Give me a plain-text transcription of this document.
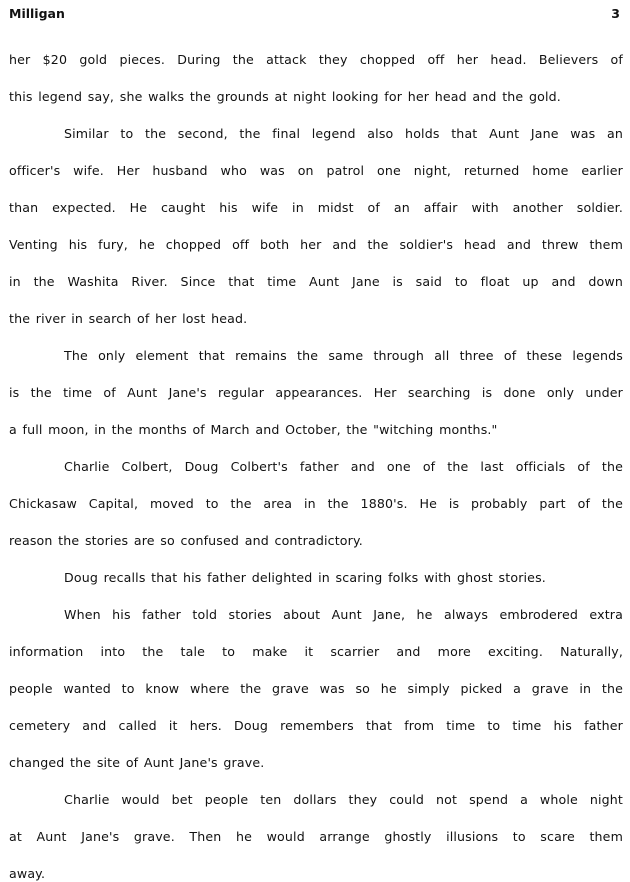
Milligan	3
her $20 gold pieces. During the attack they chopped off her head. Believers of
this legend say, she walks the grounds at night looking for her head and the gold.
Similar to the second, the final legend also holds that Aunt Jane was an
officer's wife. Her husband who was on patrol one night, returned home earlier
than expected. He caught his wife in midst of an affair with another soldier.
Venting his fury, he chopped off both her and the soldier's head and threw them
in the Washita River. Since that time Aunt Jane is said to float up and down
the river in search of her lost head.
The only element that remains the same through all three of these legends
is the time of Aunt Jane's regular appearances. Her searching is done only under
a full moon, in the months of March and October, the "witching months."
Charlie Colbert, Doug Colbert's father and one of the last officials of the
Chickasaw Capital, moved to the area in the 1880's. He is probably part of the
reason the stories are so confused and contradictory.
Doug recalls that his father delighted in scaring folks with ghost stories.
When his father told stories about Aunt Jane, he always embrodered extra
information into the tale to make it scarrier and more exciting. Naturally,
people wanted to know where the grave was so he simply picked a grave in the
cemetery and called it hers. Doug remembers that from time to time his father
changed the site of Aunt Jane's grave.
Charlie would bet people ten dollars they could not spend a whole night
at Aunt Jane's grave. Then he would arrange ghostly illusions to scare them
away.
